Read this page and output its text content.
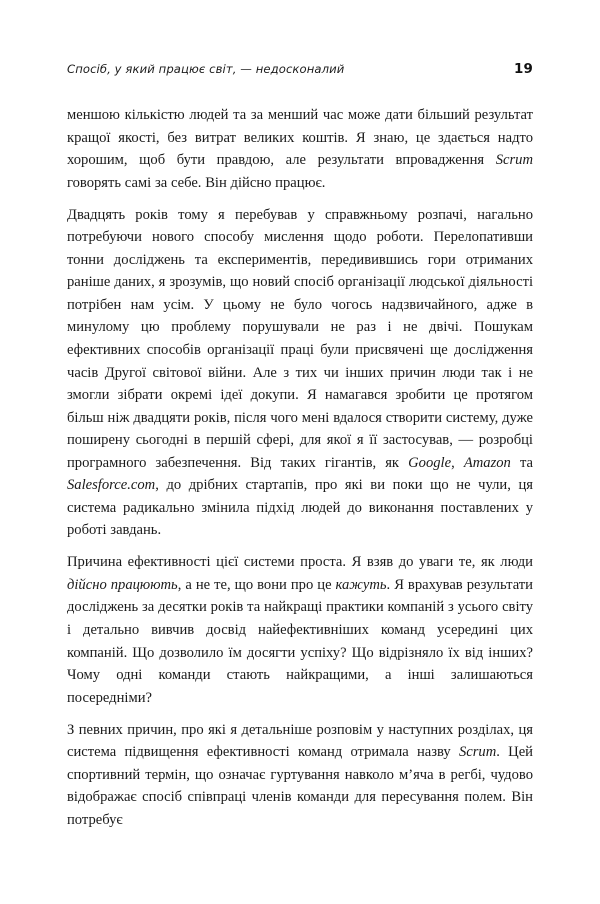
Спосіб, у який працює світ, — недосконалий	19

меншою кількістю людей та за менший час може дати більший результат кращої якості, без витрат великих коштів. Я знаю, це здається надто хорошим, щоб бути правдою, але результати впровадження Scrum говорять самі за себе. Він дійсно працює.

Двадцять років тому я перебував у справжньому розпачі, нагально потребуючи нового способу мислення щодо роботи. Перелопативши тонни досліджень та експериментів, передивившись гори отриманих раніше даних, я зрозумів, що новий спосіб організації людської діяльності потрібен нам усім. У цьому не було чогось надзвичайного, адже в минулому цю проблему порушували не раз і не двічі. Пошукам ефективних способів організації праці були присвячені ще дослідження часів Другої світової війни. Але з тих чи інших причин люди так і не змогли зібрати окремі ідеї докупи. Я намагався зробити це протягом більш ніж двадцяти років, після чого мені вдалося створити систему, дуже поширену сьогодні в першій сфері, для якої я її застосував, — розробці програмного забезпечення. Від таких гігантів, як Google, Amazon та Salesforce.com, до дрібних стартапів, про які ви поки що не чули, ця система радикально змінила підхід людей до виконання поставлених у роботі завдань.

Причина ефективності цієї системи проста. Я взяв до уваги те, як люди дійсно працюють, а не те, що вони про це кажуть. Я врахував результати досліджень за десятки років та найкращі практики компаній з усього світу і детально вивчив досвід найефективніших команд усередині цих компаній. Що дозволило їм досягти успіху? Що відрізняло їх від інших? Чому одні команди стають найкращими, а інші залишаються посередніми?

З певних причин, про які я детальніше розповім у наступних розділах, ця система підвищення ефективності команд отримала назву Scrum. Цей спортивний термін, що означає гуртування навколо м’яча в регбі, чудово відображає спосіб співпраці членів команди для пересування полем. Він потребує
